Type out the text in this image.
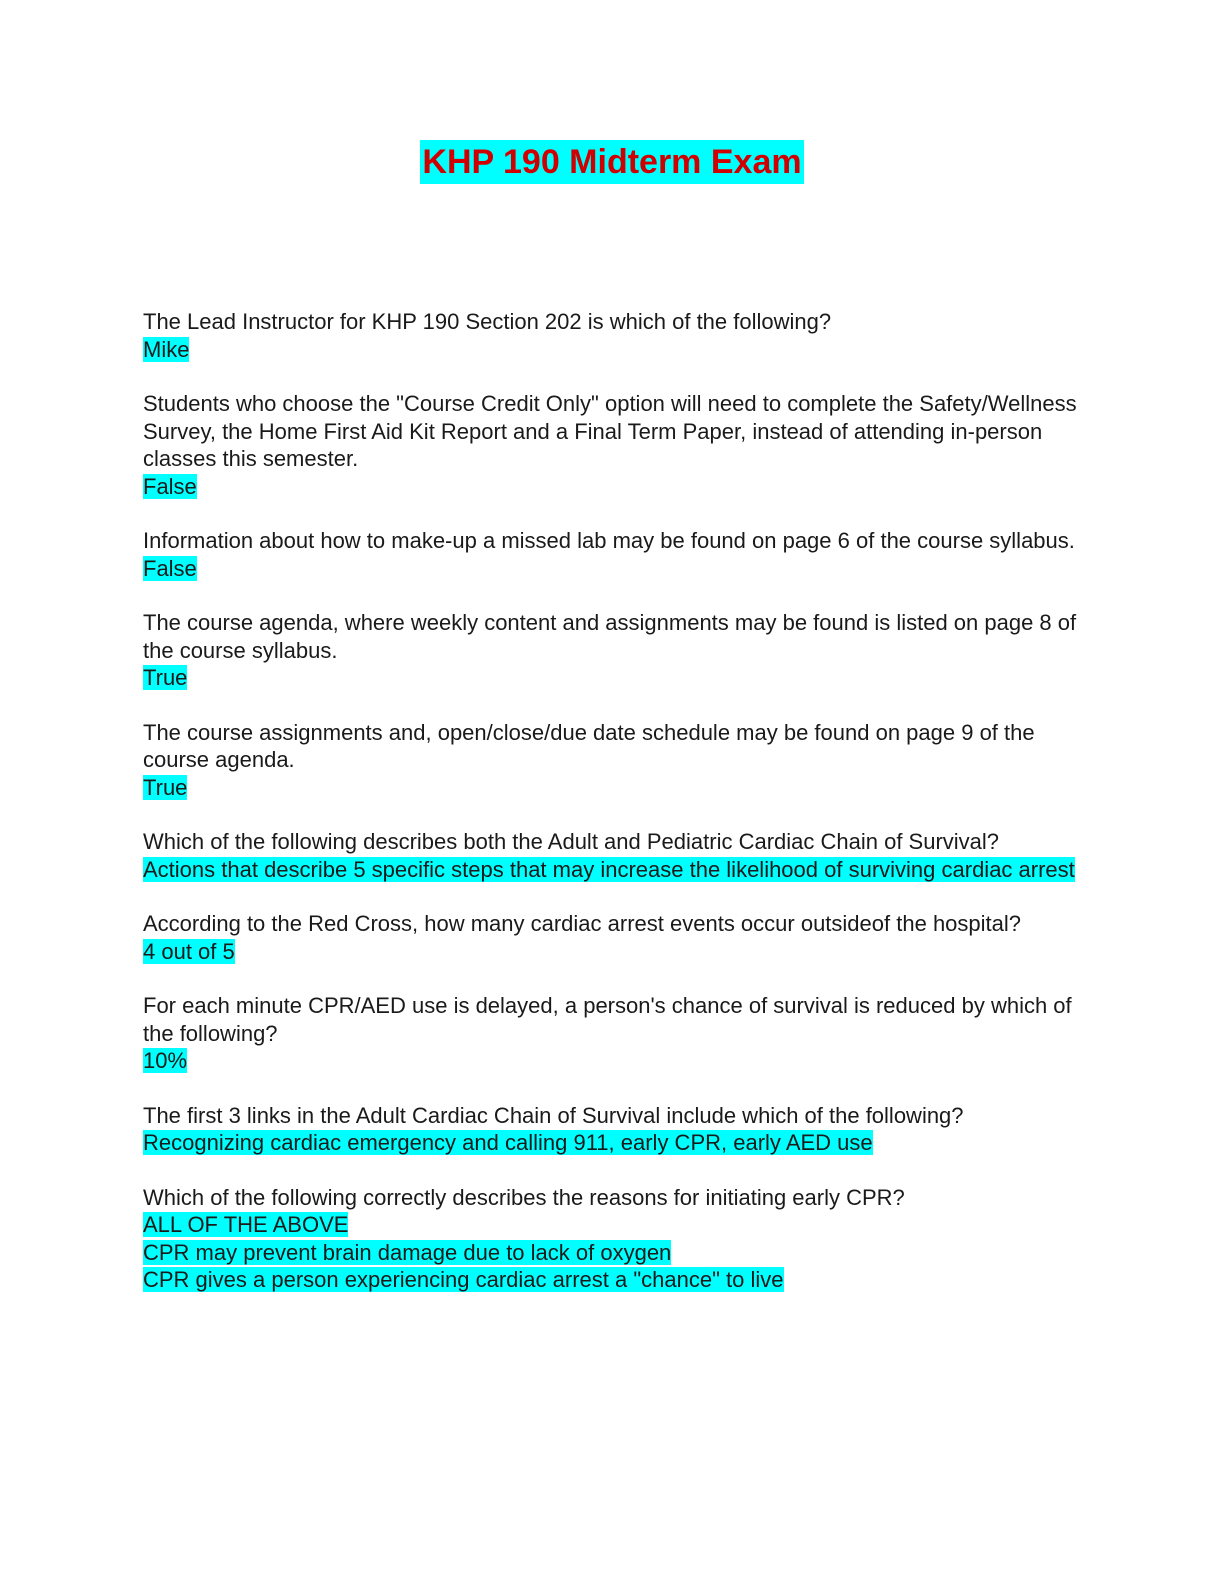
KHP 190 Midterm Exam

The Lead Instructor for KHP 190 Section 202 is which of the following?

Mike

Students who choose the "Course Credit Only" option will need to complete the Safety/Wellness Survey, the Home First Aid Kit Report and a Final Term Paper, instead of attending in-person classes this semester.

False

Information about how to make-up a missed lab may be found on page 6 of the course syllabus.

False

The course agenda, where weekly content and assignments may be found is listed on page 8 of the course syllabus.

True

The course assignments and, open/close/due date schedule may be found on page 9 of the course agenda.

True

Which of the following describes both the Adult and Pediatric Cardiac Chain of Survival?

Actions that describe 5 specific steps that may increase the likelihood of surviving cardiac arrest

According to the Red Cross, how many cardiac arrest events occur outsideof the hospital?

4 out of 5

For each minute CPR/AED use is delayed, a person's chance of survival is reduced by which of the following?

10%

The first 3 links in the Adult Cardiac Chain of Survival include which of the following?

Recognizing cardiac emergency and calling 911, early CPR, early AED use

Which of the following correctly describes the reasons for initiating early CPR?

ALL OF THE ABOVE

CPR may prevent brain damage due to lack of oxygen

CPR gives a person experiencing cardiac arrest a "chance" to live
